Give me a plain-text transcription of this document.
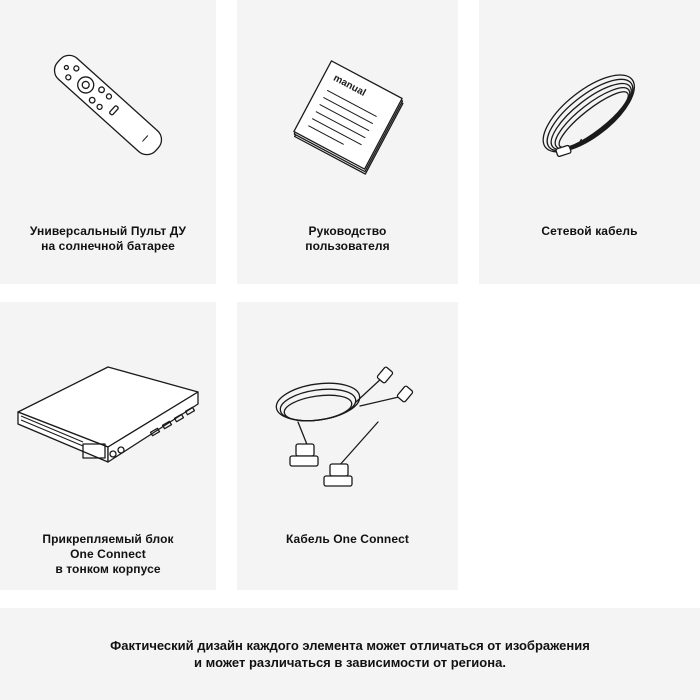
Универсальный Пульт ДУ
на солнечной батарее
manual
Руководство
пользователя
Сетевой кабель
Прикрепляемый блок
One Connect
в тонком корпусе
Кабель One Connect
Фактический дизайн каждого элемента может отличаться от изображения
и может различаться в зависимости от региона.
